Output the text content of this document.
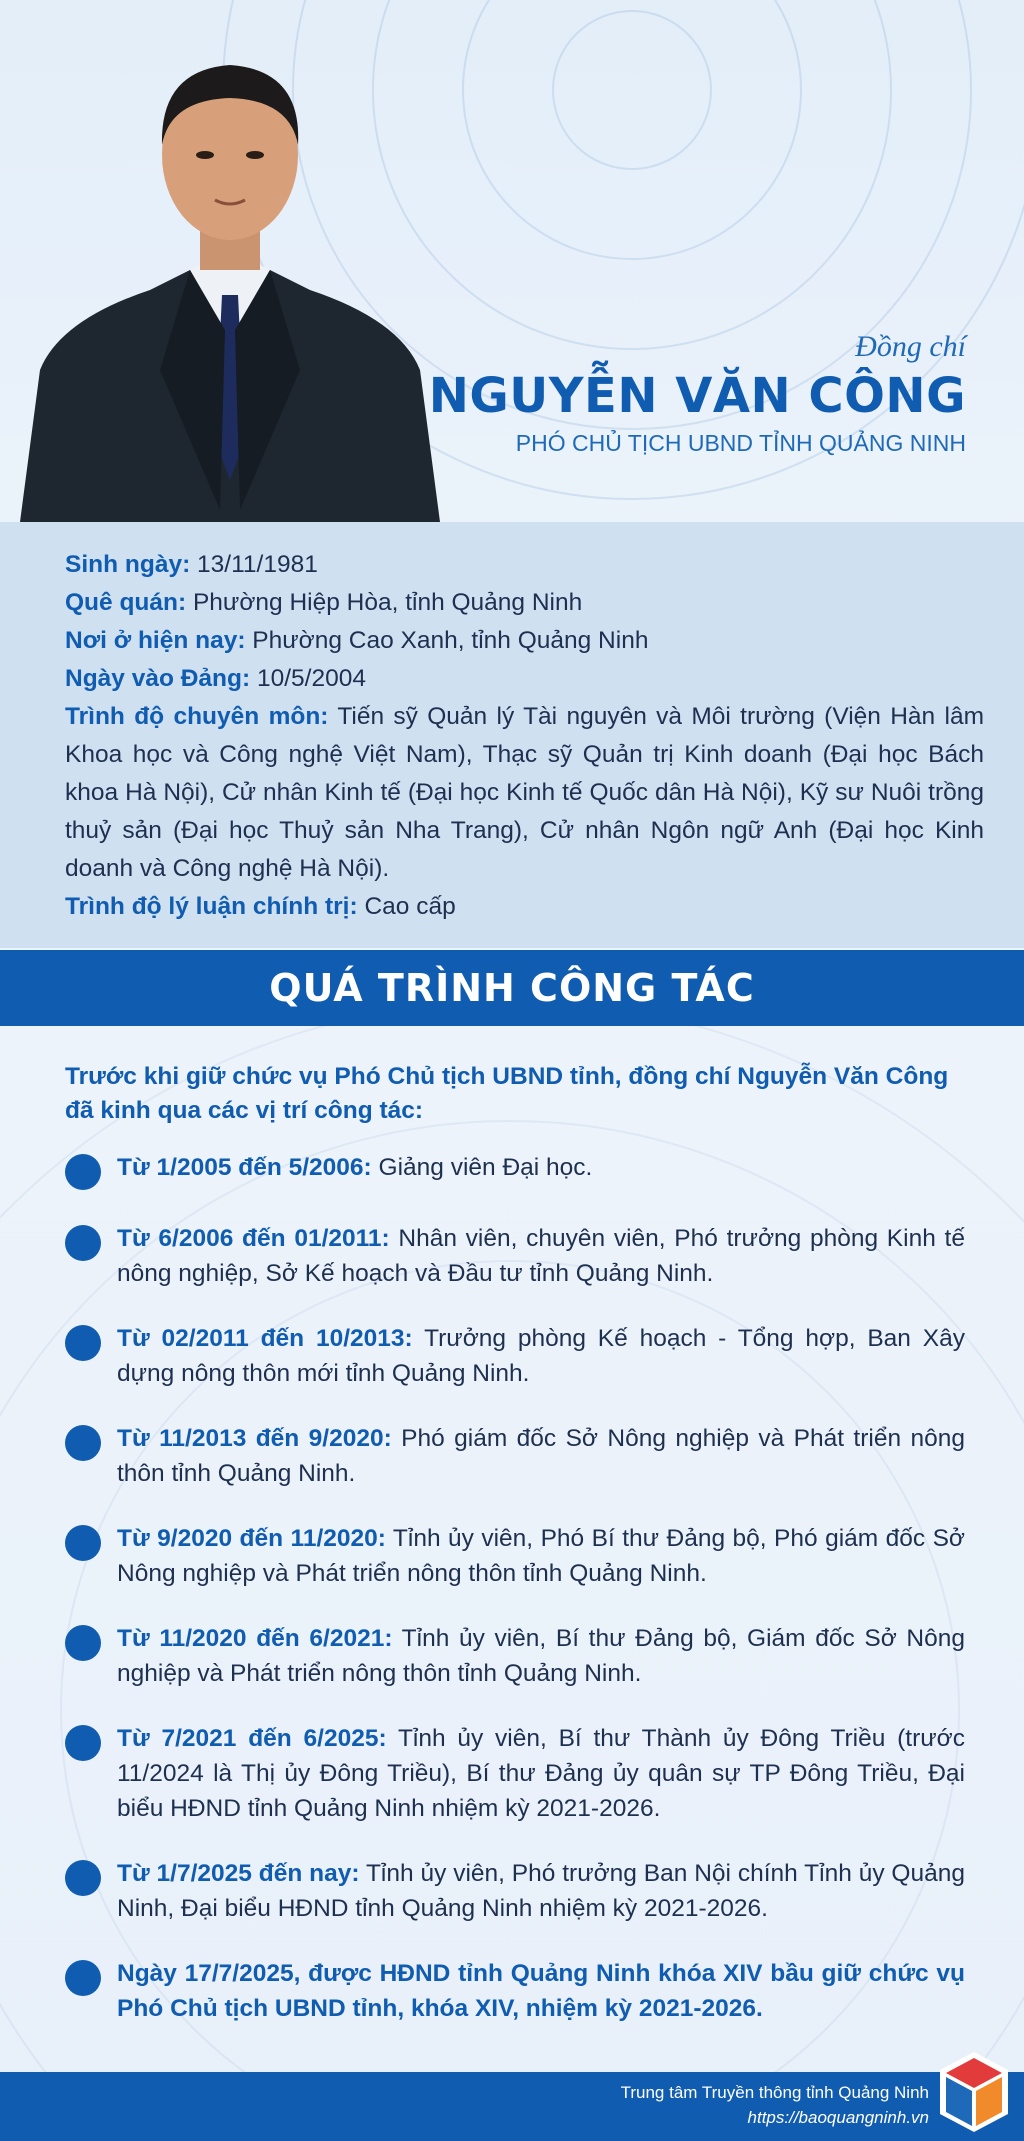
Đồng chí
NGUYỄN VĂN CÔNG
PHÓ CHỦ TỊCH UBND TỈNH QUẢNG NINH

Sinh ngày: 13/11/1981

Quê quán: Phường Hiệp Hòa, tỉnh Quảng Ninh

Nơi ở hiện nay: Phường Cao Xanh, tỉnh Quảng Ninh

Ngày vào Đảng: 10/5/2004

Trình độ chuyên môn: Tiến sỹ Quản lý Tài nguyên và Môi trường (Viện Hàn lâm Khoa học và Công nghệ Việt Nam), Thạc sỹ Quản trị Kinh doanh (Đại học Bách khoa Hà Nội), Cử nhân Kinh tế (Đại học Kinh tế Quốc dân Hà Nội), Kỹ sư Nuôi trồng thuỷ sản (Đại học Thuỷ sản Nha Trang), Cử nhân Ngôn ngữ Anh (Đại học Kinh doanh và Công nghệ Hà Nội).

Trình độ lý luận chính trị: Cao cấp

QUÁ TRÌNH CÔNG TÁC
Trước khi giữ chức vụ Phó Chủ tịch UBND tỉnh, đồng chí Nguyễn Văn Công đã kinh qua các vị trí công tác:
Từ 1/2005 đến 5/2006: Giảng viên Đại học.
Từ 6/2006 đến 01/2011: Nhân viên, chuyên viên, Phó trưởng phòng Kinh tế nông nghiệp, Sở Kế hoạch và Đầu tư tỉnh Quảng Ninh.
Từ 02/2011 đến 10/2013: Trưởng phòng Kế hoạch - Tổng hợp, Ban Xây dựng nông thôn mới tỉnh Quảng Ninh.
Từ 11/2013 đến 9/2020: Phó giám đốc Sở Nông nghiệp và Phát triển nông thôn tỉnh Quảng Ninh.
Từ 9/2020 đến 11/2020: Tỉnh ủy viên, Phó Bí thư Đảng bộ, Phó giám đốc Sở Nông nghiệp và Phát triển nông thôn tỉnh Quảng Ninh.
Từ 11/2020 đến 6/2021: Tỉnh ủy viên, Bí thư Đảng bộ, Giám đốc Sở Nông nghiệp và Phát triển nông thôn tỉnh Quảng Ninh.
Từ 7/2021 đến 6/2025: Tỉnh ủy viên, Bí thư Thành ủy Đông Triều (trước 11/2024 là Thị ủy Đông Triều), Bí thư Đảng ủy quân sự TP Đông Triều, Đại biểu HĐND tỉnh Quảng Ninh nhiệm kỳ 2021-2026.
Từ 1/7/2025 đến nay: Tỉnh ủy viên, Phó trưởng Ban Nội chính Tỉnh ủy Quảng Ninh, Đại biểu HĐND tỉnh Quảng Ninh nhiệm kỳ 2021-2026.
Ngày 17/7/2025, được HĐND tỉnh Quảng Ninh khóa XIV bầu giữ chức vụ Phó Chủ tịch UBND tỉnh, khóa XIV, nhiệm kỳ 2021-2026.
Trung tâm Truyền thông tỉnh Quảng Ninh
https://baoquangninh.vn
